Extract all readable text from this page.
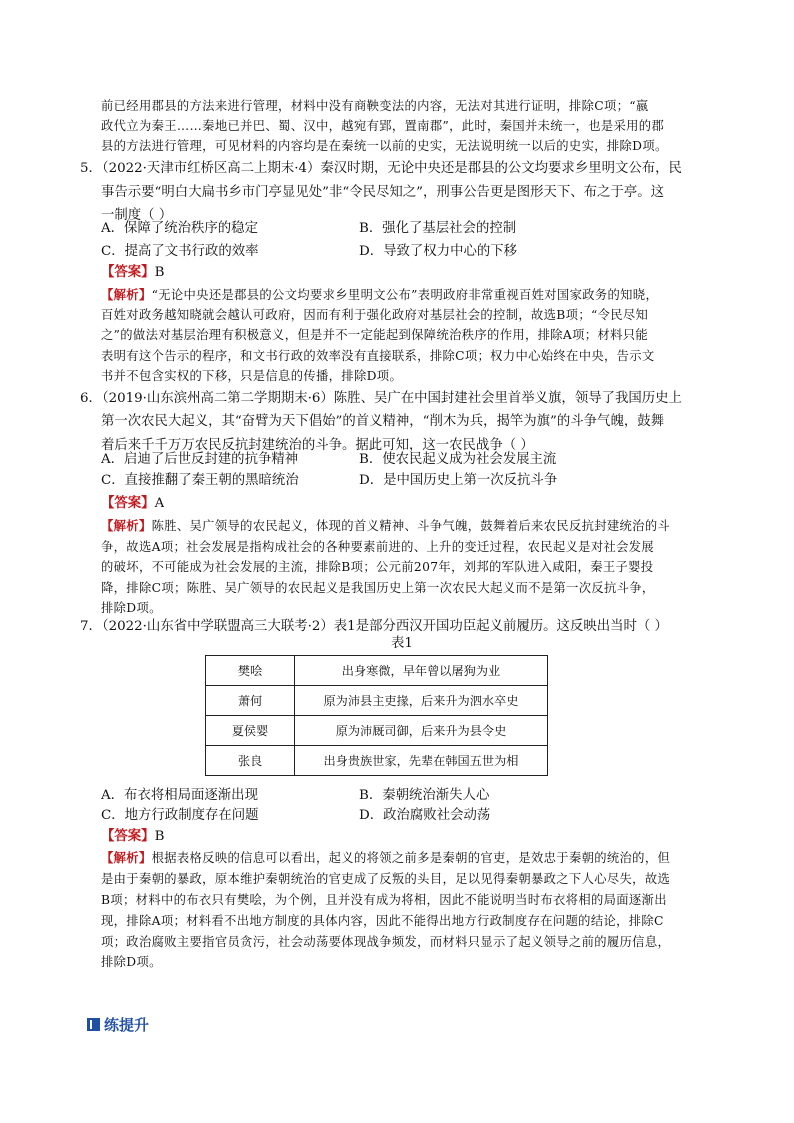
前已经用郡县的方法来进行管理，材料中没有商鞅变法的内容，无法对其进行证明，排除C项；“嬴
政代立为秦王……秦地已并巴、蜀、汉中，越宛有郢，置南郡”，此时，秦国并未统一，也是采用的郡
县的方法进行管理，可见材料的内容均是在秦统一以前的史实，无法说明统一以后的史实，排除D项。
5．（2022·天津市红桥区高二上期末·4）秦汉时期，无论中央还是郡县的公文均要求乡里明文公布，民
事告示要“明白大扁书乡市门亭显见处”非“令民尽知之”，刑事公告更是图形天下、布之于亭。这
一制度（ ）
A．保障了统治秩序的稳定	B．强化了基层社会的控制
C．提高了文书行政的效率	D．导致了权力中心的下移
【答案】B
【解析】“无论中央还是郡县的公文均要求乡里明文公布”表明政府非常重视百姓对国家政务的知晓，
百姓对政务越知晓就会越认可政府，因而有利于强化政府对基层社会的控制，故选B项；“令民尽知
之”的做法对基层治理有积极意义，但是并不一定能起到保障统治秩序的作用，排除A项；材料只能
表明有这个告示的程序，和文书行政的效率没有直接联系，排除C项；权力中心始终在中央，告示文
书并不包含实权的下移，只是信息的传播，排除D项。
6．（2019·山东滨州高二第二学期期末·6）陈胜、吴广在中国封建社会里首举义旗，领导了我国历史上
第一次农民大起义，其“奋臂为天下倡始”的首义精神，“削木为兵，揭竿为旗”的斗争气魄，鼓舞
着后来千千万万农民反抗封建统治的斗争。据此可知，这一农民战争（ ）
A．启迪了后世反封建的抗争精神	B．使农民起义成为社会发展主流
C．直接推翻了秦王朝的黑暗统治	D．是中国历史上第一次反抗斗争
【答案】A
【解析】陈胜、吴广领导的农民起义，体现的首义精神、斗争气魄，鼓舞着后来农民反抗封建统治的斗
争，故选A项；社会发展是指构成社会的各种要素前进的、上升的变迁过程，农民起义是对社会发展
的破坏，不可能成为社会发展的主流，排除B项；公元前207年，刘邦的军队进入咸阳，秦王子婴投
降，排除C项；陈胜、吴广领导的农民起义是我国历史上第一次农民大起义而不是第一次反抗斗争，
排除D项。
7．（2022·山东省中学联盟高三大联考·2）表1是部分西汉开国功臣起义前履历。这反映出当时（ ）
表1
樊哙	出身寒微，早年曾以屠狗为业
萧何	原为沛县主吏掾，后来升为泗水卒史
夏侯婴	原为沛厩司御，后来升为县令史
张良	出身贵族世家，先辈在韩国五世为相
A．布衣将相局面逐渐出现	B．秦朝统治渐失人心
C．地方行政制度存在问题	D．政治腐败社会动荡
【答案】B
【解析】根据表格反映的信息可以看出，起义的将领之前多是秦朝的官吏，是效忠于秦朝的统治的，但
是由于秦朝的暴政，原本维护秦朝统治的官吏成了反叛的头目，足以见得秦朝暴政之下人心尽失，故选
B项；材料中的布衣只有樊哙，为个例，且并没有成为将相，因此不能说明当时布衣将相的局面逐渐出
现，排除A项；材料看不出地方制度的具体内容，因此不能得出地方行政制度存在问题的结论，排除C
项；政治腐败主要指官员贪污，社会动荡要体现战争频发，而材料只显示了起义领导之前的履历信息，
排除D项。
练提升
